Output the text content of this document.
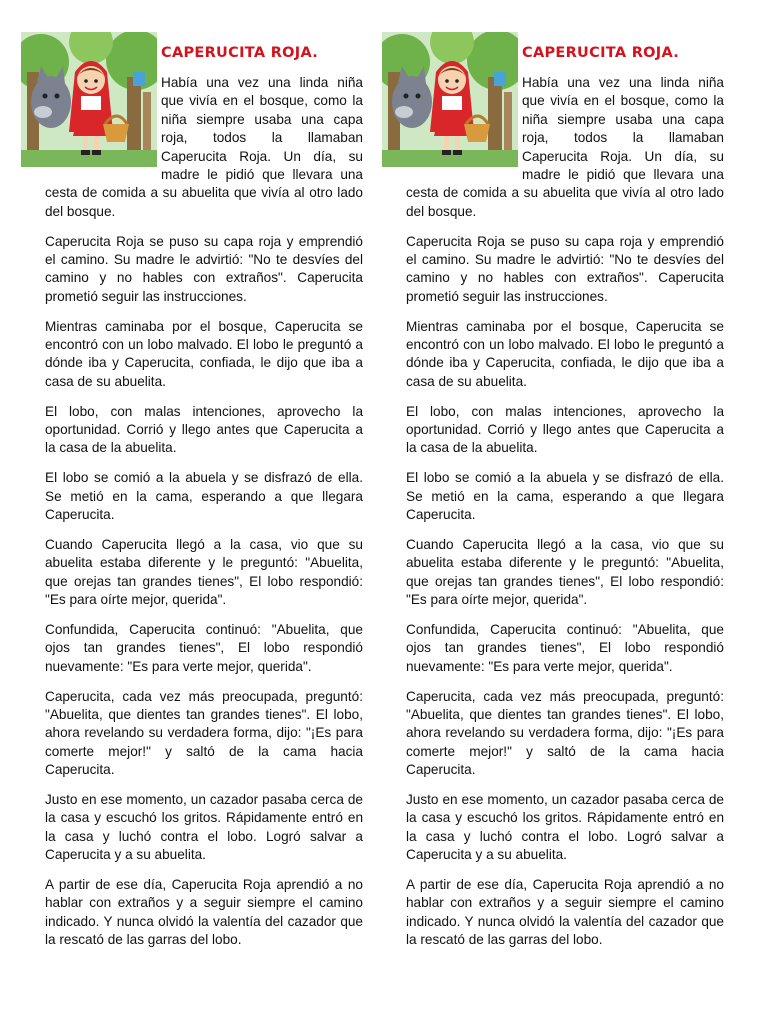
CAPERUCITA ROJA.

Había una vez una linda niña que vivía en el bosque, como la niña siempre usaba una capa roja, todos la llamaban Caperucita Roja. Un día, su madre le pidió que llevara una cesta de comida a su abuelita que vivía al otro lado del bosque.

Caperucita Roja se puso su capa roja y emprendió el camino. Su madre le advirtió: "No te desvíes del camino y no hables con extraños". Caperucita prometió seguir las instrucciones.

Mientras caminaba por el bosque, Caperucita se encontró con un lobo malvado. El lobo le preguntó a dónde iba y Caperucita, confiada, le dijo que iba a casa de su abuelita.

El lobo, con malas intenciones, aprovecho la oportunidad. Corrió y llego antes que Caperucita a la casa de la abuelita.

El lobo se comió a la abuela y se disfrazó de ella. Se metió en la cama, esperando a que llegara Caperucita.

Cuando Caperucita llegó a la casa, vio que su abuelita estaba diferente y le preguntó: "Abuelita, que orejas tan grandes tienes", El lobo respondió: "Es para oírte mejor, querida".

Confundida, Caperucita continuó: "Abuelita, que ojos tan grandes tienes", El lobo respondió nuevamente: "Es para verte mejor, querida".

Caperucita, cada vez más preocupada, preguntó: "Abuelita, que dientes tan grandes tienes". El lobo, ahora revelando su verdadera forma, dijo: "¡Es para comerte mejor!" y saltó de la cama hacia Caperucita.

Justo en ese momento, un cazador pasaba cerca de la casa y escuchó los gritos. Rápidamente entró en la casa y luchó contra el lobo. Logró salvar a Caperucita y a su abuelita.

A partir de ese día, Caperucita Roja aprendió a no hablar con extraños y a seguir siempre el camino indicado. Y nunca olvidó la valentía del cazador que la rescató de las garras del lobo.

CAPERUCITA ROJA.

Había una vez una linda niña que vivía en el bosque, como la niña siempre usaba una capa roja, todos la llamaban Caperucita Roja. Un día, su madre le pidió que llevara una cesta de comida a su abuelita que vivía al otro lado del bosque.

Caperucita Roja se puso su capa roja y emprendió el camino. Su madre le advirtió: "No te desvíes del camino y no hables con extraños". Caperucita prometió seguir las instrucciones.

Mientras caminaba por el bosque, Caperucita se encontró con un lobo malvado. El lobo le preguntó a dónde iba y Caperucita, confiada, le dijo que iba a casa de su abuelita.

El lobo, con malas intenciones, aprovecho la oportunidad. Corrió y llego antes que Caperucita a la casa de la abuelita.

El lobo se comió a la abuela y se disfrazó de ella. Se metió en la cama, esperando a que llegara Caperucita.

Cuando Caperucita llegó a la casa, vio que su abuelita estaba diferente y le preguntó: "Abuelita, que orejas tan grandes tienes", El lobo respondió: "Es para oírte mejor, querida".

Confundida, Caperucita continuó: "Abuelita, que ojos tan grandes tienes", El lobo respondió nuevamente: "Es para verte mejor, querida".

Caperucita, cada vez más preocupada, preguntó: "Abuelita, que dientes tan grandes tienes". El lobo, ahora revelando su verdadera forma, dijo: "¡Es para comerte mejor!" y saltó de la cama hacia Caperucita.

Justo en ese momento, un cazador pasaba cerca de la casa y escuchó los gritos. Rápidamente entró en la casa y luchó contra el lobo. Logró salvar a Caperucita y a su abuelita.

A partir de ese día, Caperucita Roja aprendió a no hablar con extraños y a seguir siempre el camino indicado. Y nunca olvidó la valentía del cazador que la rescató de las garras del lobo.
